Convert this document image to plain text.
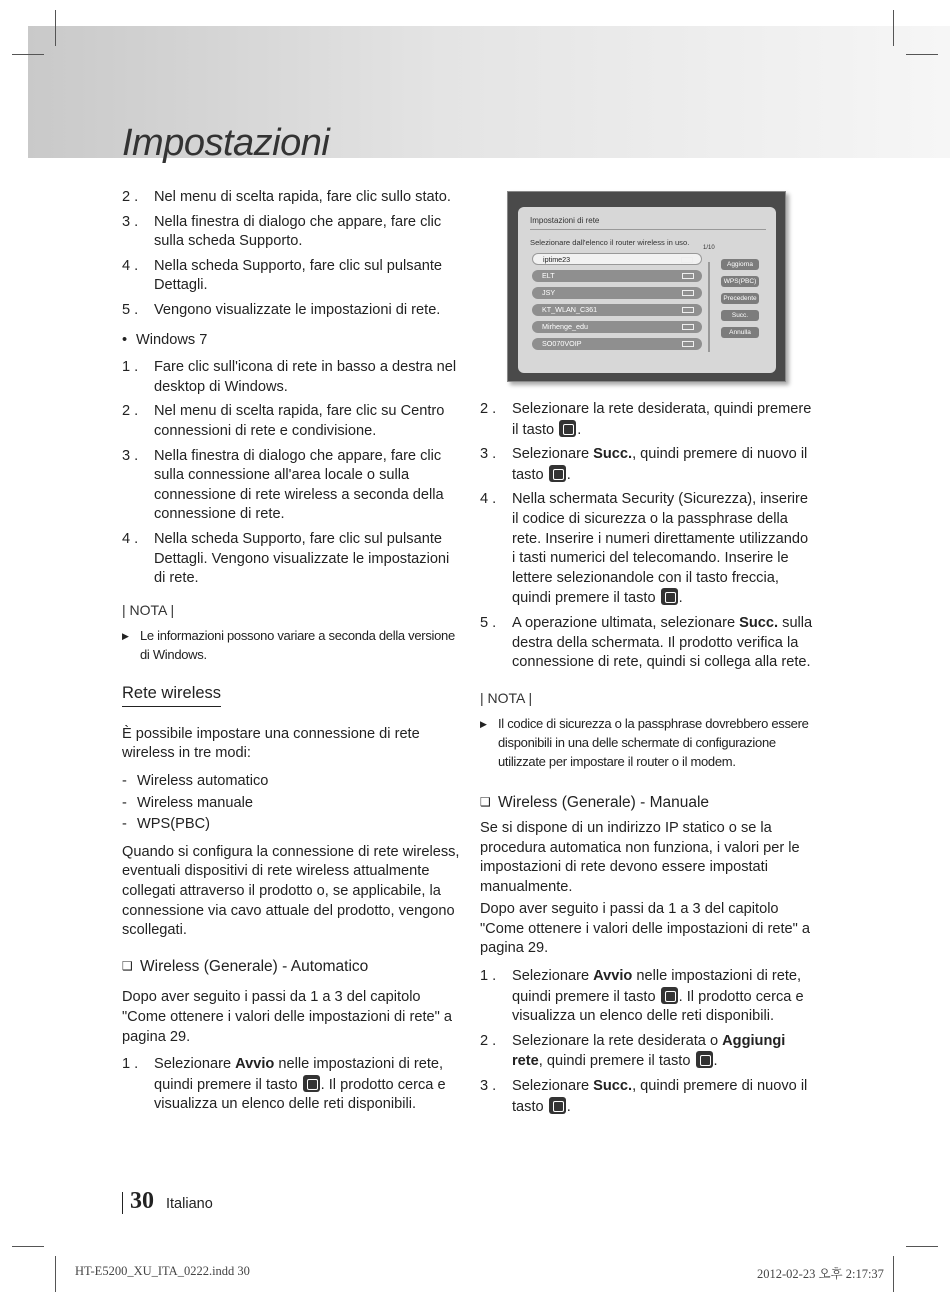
Impostazioni
2 .	Nel menu di scelta rapida, fare clic sullo stato.
3 .	Nella finestra di dialogo che appare, fare clic sulla scheda Supporto.
4 .	Nella scheda Supporto, fare clic sul pulsante Dettagli.
5 .	Vengono visualizzate le impostazioni di rete.
• Windows 7
1 .	Fare clic sull'icona di rete in basso a destra nel desktop di Windows.
2 .	Nel menu di scelta rapida, fare clic su Centro connessioni di rete e condivisione.
3 .	Nella finestra di dialogo che appare, fare clic sulla connessione all'area locale o sulla connessione di rete wireless a seconda della connessione di rete.
4 .	Nella scheda Supporto, fare clic sul pulsante Dettagli. Vengono visualizzate le impostazioni di rete.
| NOTA |
▶ Le informazioni possono variare a seconda della versione di Windows.
Rete wireless
È possibile impostare una connessione di rete wireless in tre modi:
- Wireless automatico
- Wireless manuale
- WPS(PBC)
Quando si configura la connessione di rete wireless, eventuali dispositivi di rete wireless attualmente collegati attraverso il prodotto o, se applicabile, la connessione via cavo attuale del prodotto, vengono scollegati.
❑ Wireless (Generale) - Automatico
Dopo aver seguito i passi da 1 a 3 del capitolo "Come ottenere i valori delle impostazioni di rete" a pagina 29.
1 .	Selezionare Avvio nelle impostazioni di rete, quindi premere il tasto . Il prodotto cerca e visualizza un elenco delle reti disponibili.
Impostazioni di rete
Selezionare dall'elenco il router wireless in uso.
1/10
iptime23
ELT
JSY
KT_WLAN_C361
Mirhenge_edu
SO070VOIP
Aggiorna
WPS(PBC)
Precedente
Succ.
Annulla
2 .	Selezionare la rete desiderata, quindi premere il tasto .
3 .	Selezionare Succ., quindi premere di nuovo il tasto .
4 .	Nella schermata Security (Sicurezza), inserire il codice di sicurezza o la passphrase della rete. Inserire i numeri direttamente utilizzando i tasti numerici del telecomando. Inserire le lettere selezionandole con il tasto freccia, quindi premere il tasto .
5 .	A operazione ultimata, selezionare Succ. sulla destra della schermata. Il prodotto verifica la connessione di rete, quindi si collega alla rete.
| NOTA |
▶ Il codice di sicurezza o la passphrase dovrebbero essere disponibili in una delle schermate di configurazione utilizzate per impostare il router o il modem.
❑ Wireless (Generale) - Manuale
Se si dispone di un indirizzo IP statico o se la procedura automatica non funziona, i valori per le impostazioni di rete devono essere impostati manualmente.
Dopo aver seguito i passi da 1 a 3 del capitolo "Come ottenere i valori delle impostazioni di rete" a pagina 29.
1 .	Selezionare Avvio nelle impostazioni di rete, quindi premere il tasto . Il prodotto cerca e visualizza un elenco delle reti disponibili.
2 .	Selezionare la rete desiderata o Aggiungi rete, quindi premere il tasto .
3 .	Selezionare Succ., quindi premere di nuovo il tasto .
30 Italiano
HT-E5200_XU_ITA_0222.indd 30	2012-02-23 오후 2:17:37
